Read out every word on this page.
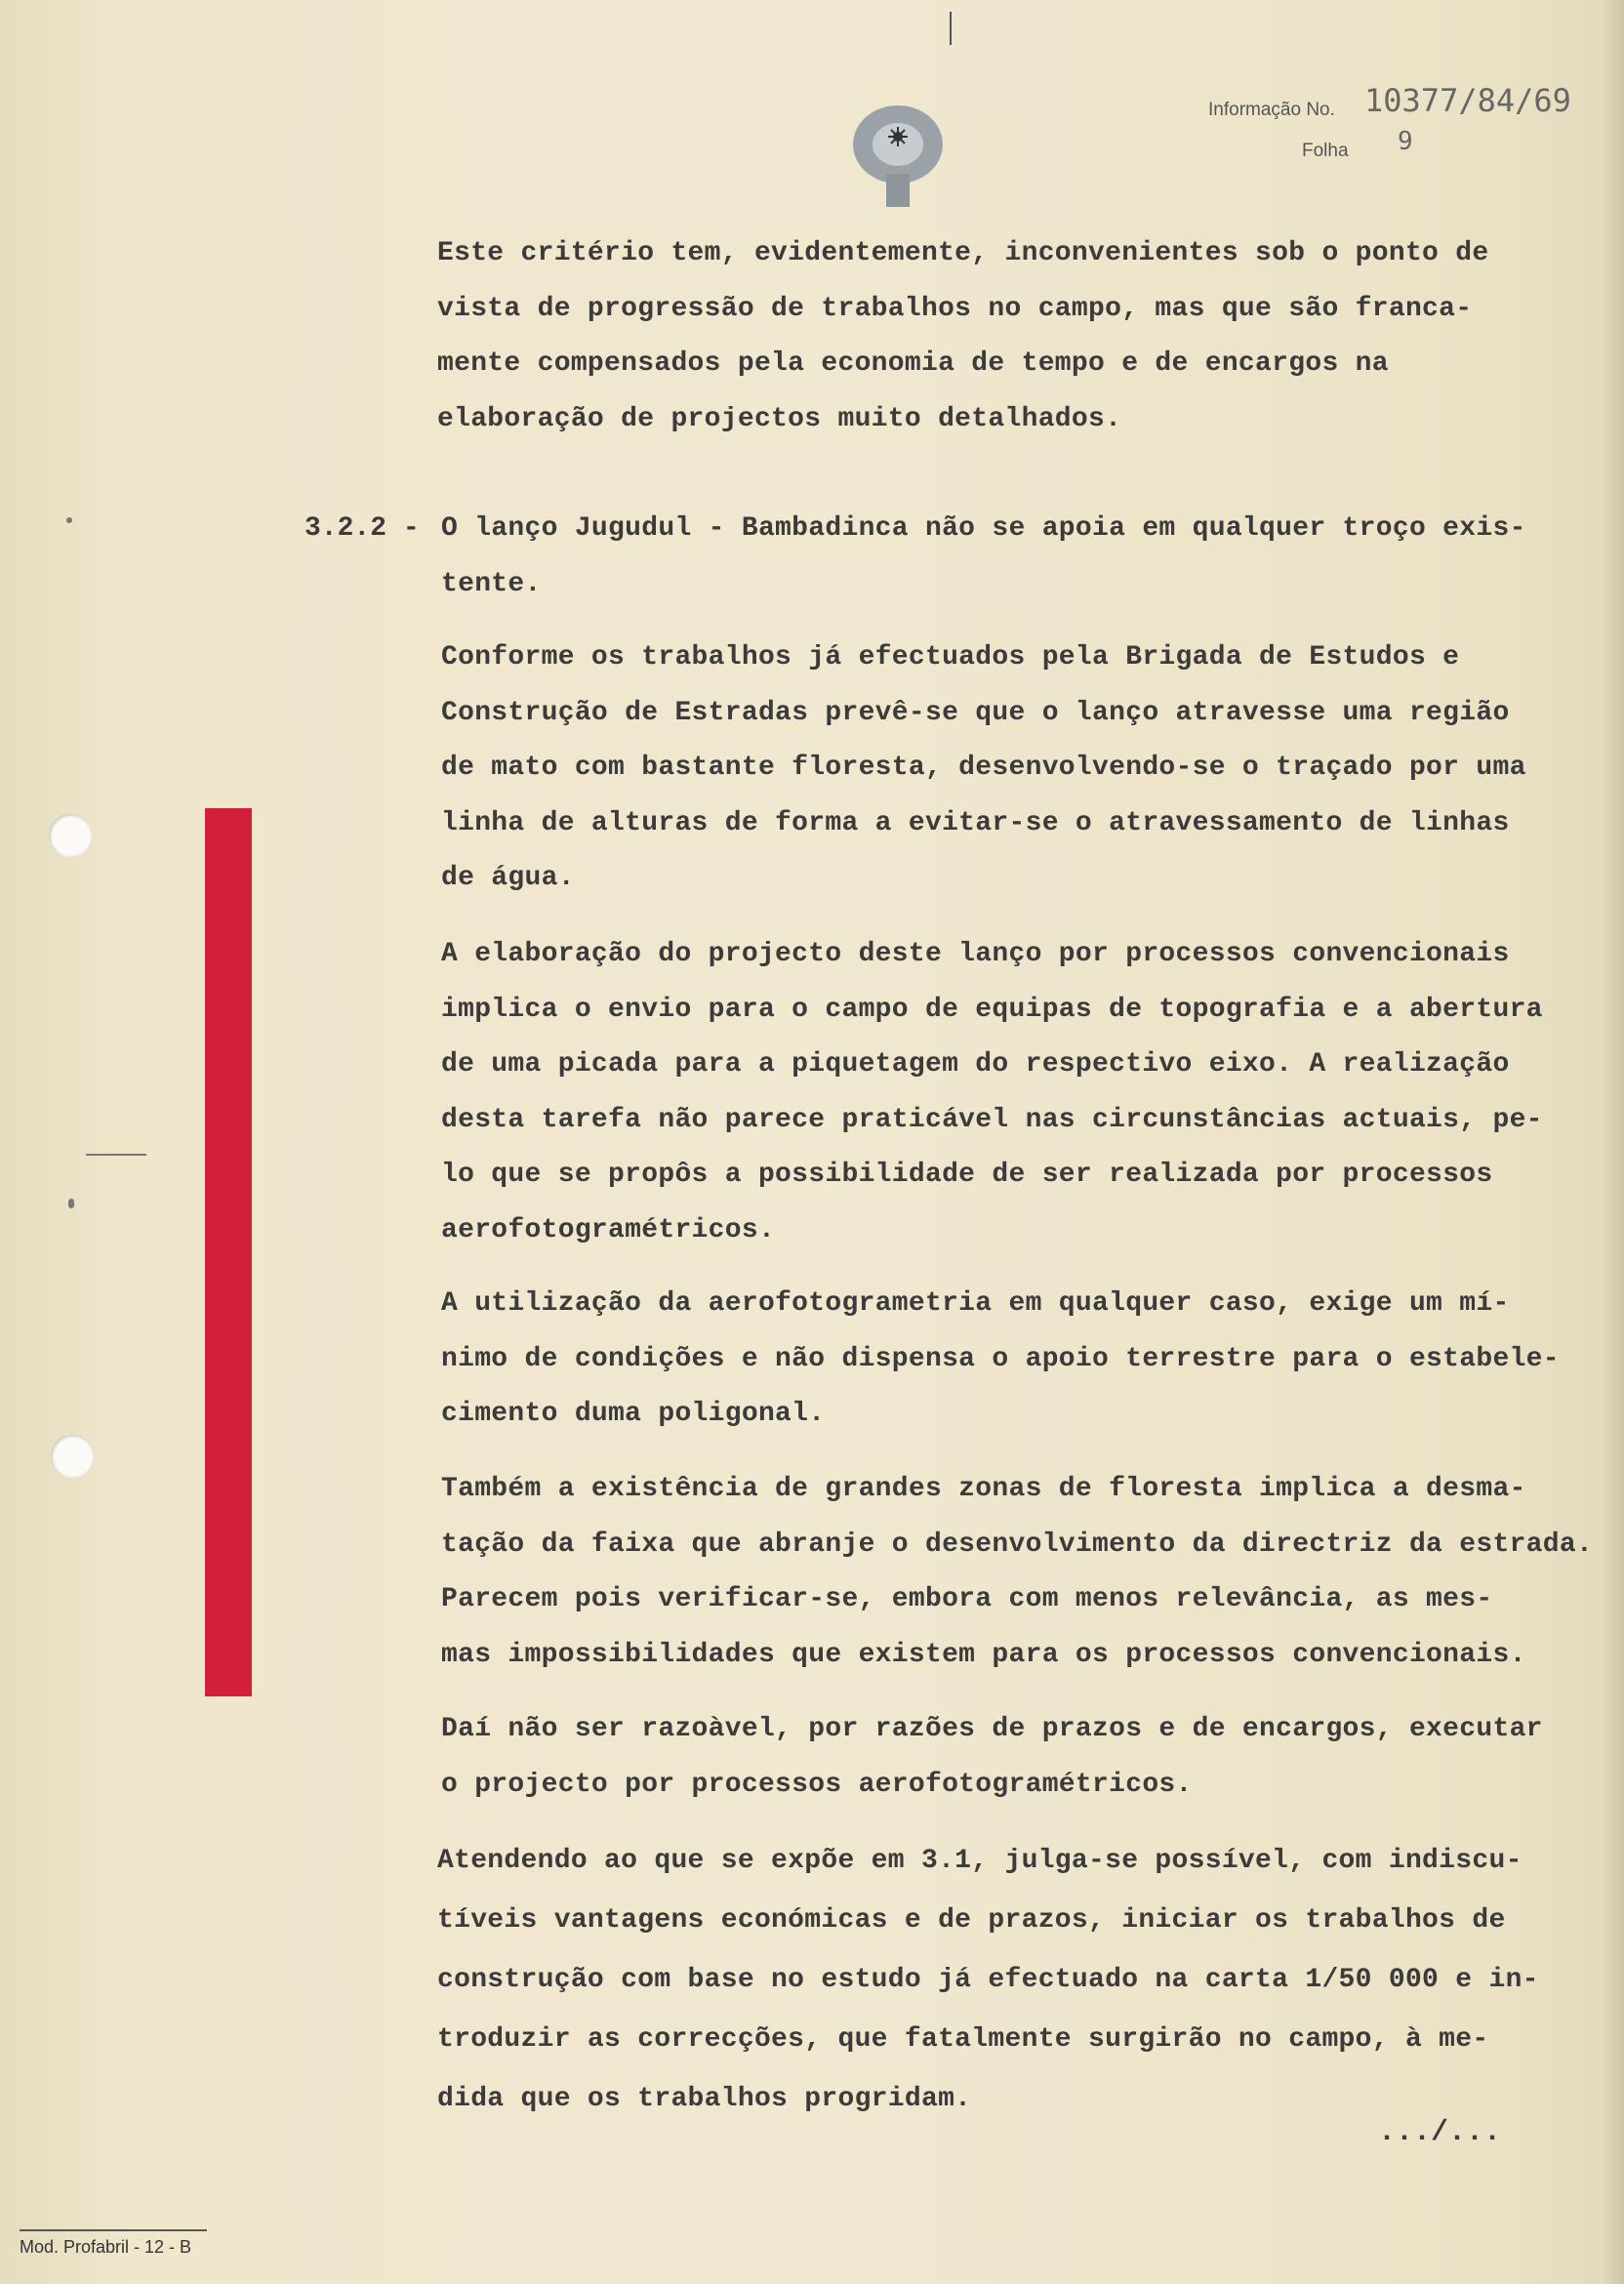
Informação No. 10377/84/69
Folha 9
Este critério tem, evidentemente, inconvenientes sob o ponto de
vista de progressão de trabalhos no campo, mas que são franca-
mente compensados pela economia de tempo e de encargos na
elaboração de projectos muito detalhados.
3.2.2 - O lanço Jugudul - Bambadinca não se apoia em qualquer troço exis-
tente.
Conforme os trabalhos já efectuados pela Brigada de Estudos e
Construção de Estradas prevê-se que o lanço atravesse uma região
de mato com bastante floresta, desenvolvendo-se o traçado por uma
linha de alturas de forma a evitar-se o atravessamento de linhas
de água.
A elaboração do projecto deste lanço por processos convencionais
implica o envio para o campo de equipas de topografia e a abertura
de uma picada para a piquetagem do respectivo eixo. A realização
desta tarefa não parece praticável nas circunstâncias actuais, pe-
lo que se propôs a possibilidade de ser realizada por processos
aerofotogramétricos.
A utilização da aerofotogrametria em qualquer caso, exige um mí-
nimo de condições e não dispensa o apoio terrestre para o estabele-
cimento duma poligonal.
Também a existência de grandes zonas de floresta implica a desma-
tação da faixa que abranje o desenvolvimento da directriz da estrada.
Parecem pois verificar-se, embora com menos relevância, as mes-
mas impossibilidades que existem para os processos convencionais.
Daí não ser razoàvel, por razões de prazos e de encargos, executar
o projecto por processos aerofotogramétricos.
Atendendo ao que se expõe em 3.1, julga-se possível, com indiscu-
tíveis vantagens económicas e de prazos, iniciar os trabalhos de
construção com base no estudo já efectuado na carta 1/50 000 e in-
troduzir as correcções, que fatalmente surgirão no campo, à me-
dida que os trabalhos progridam.
.../...
Mod. Profabril - 12 - B
